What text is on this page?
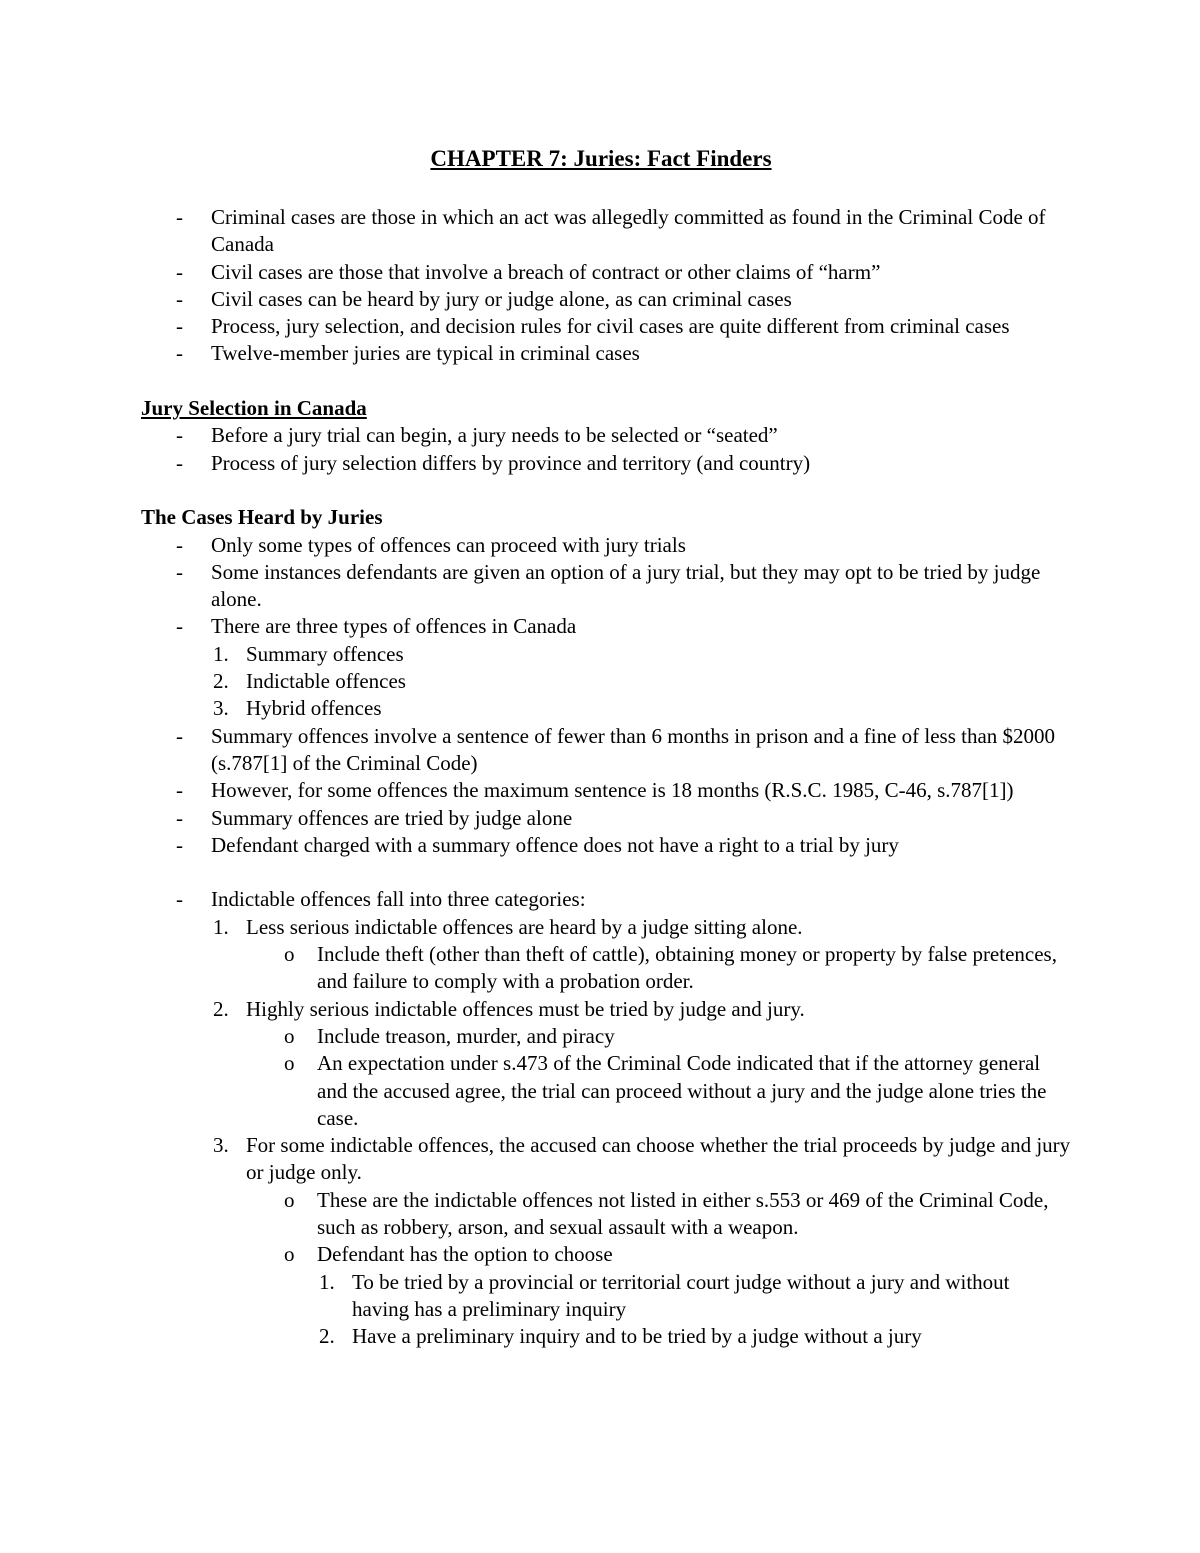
CHAPTER 7: Juries: Fact Finders
- Criminal cases are those in which an act was allegedly committed as found in the Criminal Code of Canada
- Civil cases are those that involve a breach of contract or other claims of “harm”
- Civil cases can be heard by jury or judge alone, as can criminal cases
- Process, jury selection, and decision rules for civil cases are quite different from criminal cases
- Twelve-member juries are typical in criminal cases
Jury Selection in Canada
- Before a jury trial can begin, a jury needs to be selected or “seated”
- Process of jury selection differs by province and territory (and country)
The Cases Heard by Juries
- Only some types of offences can proceed with jury trials
- Some instances defendants are given an option of a jury trial, but they may opt to be tried by judge alone.
- There are three types of offences in Canada
1. Summary offences
2. Indictable offences
3. Hybrid offences
- Summary offences involve a sentence of fewer than 6 months in prison and a fine of less than $2000 (s.787[1] of the Criminal Code)
- However, for some offences the maximum sentence is 18 months (R.S.C. 1985, C-46, s.787[1])
- Summary offences are tried by judge alone
- Defendant charged with a summary offence does not have a right to a trial by jury
- Indictable offences fall into three categories:
1. Less serious indictable offences are heard by a judge sitting alone.
o Include theft (other than theft of cattle), obtaining money or property by false pretences, and failure to comply with a probation order.
2. Highly serious indictable offences must be tried by judge and jury.
o Include treason, murder, and piracy
o An expectation under s.473 of the Criminal Code indicated that if the attorney general and the accused agree, the trial can proceed without a jury and the judge alone tries the case.
3. For some indictable offences, the accused can choose whether the trial proceeds by judge and jury or judge only.
o These are the indictable offences not listed in either s.553 or 469 of the Criminal Code, such as robbery, arson, and sexual assault with a weapon.
o Defendant has the option to choose
1. To be tried by a provincial or territorial court judge without a jury and without having has a preliminary inquiry
2. Have a preliminary inquiry and to be tried by a judge without a jury
